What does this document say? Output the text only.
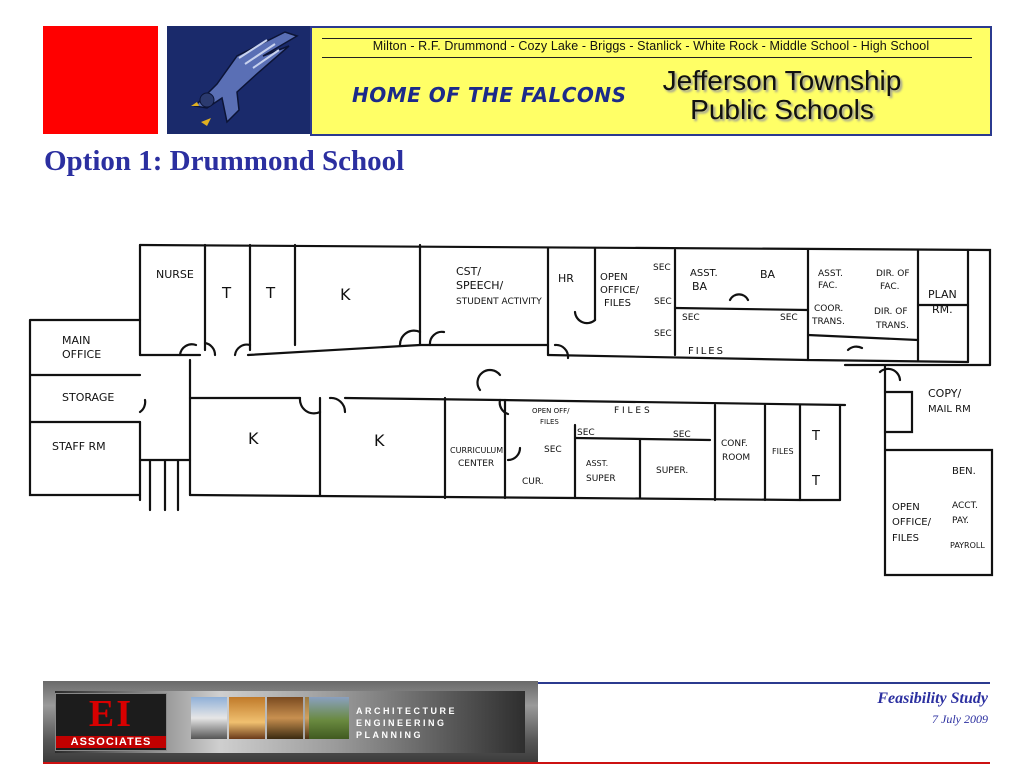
Milton - R.F. Drummond - Cozy Lake - Briggs - Stanlick - White Rock - Middle School - High School
HOME OF THE FALCONS	Jefferson Township
Public Schools
Option 1: Drummond School
NURSE
T T	K
CST/
SPEECH/
STUDENT ACTIVITY
HR	OPEN
OFFICE/
FILES
SEC
SEC
SEC
ASST.
BA
BA
SEC	SEC
FILES
ASST.
FAC.
COOR.
TRANS.
DIR. OF
FAC.
DIR. OF
TRANS.
PLAN
RM.
MAIN
OFFICE
STORAGE
STAFF RM	K	K
CURRICULUM
CENTER
OPEN OFF/
FILES
SEC
CUR.
F I L E S
SEC
ASST.
SUPER
SEC
SUPER.
CONF.
ROOM
FILES
T
T
COPY/
MAIL RM
BEN.
OPEN
OFFICE/
FILES
ACCT.
PAY.
PAYROLL
EI
ASSOCIATES
ARCHITECTURE
ENGINEERING
PLANNING
Feasibility Study
7 July 2009
